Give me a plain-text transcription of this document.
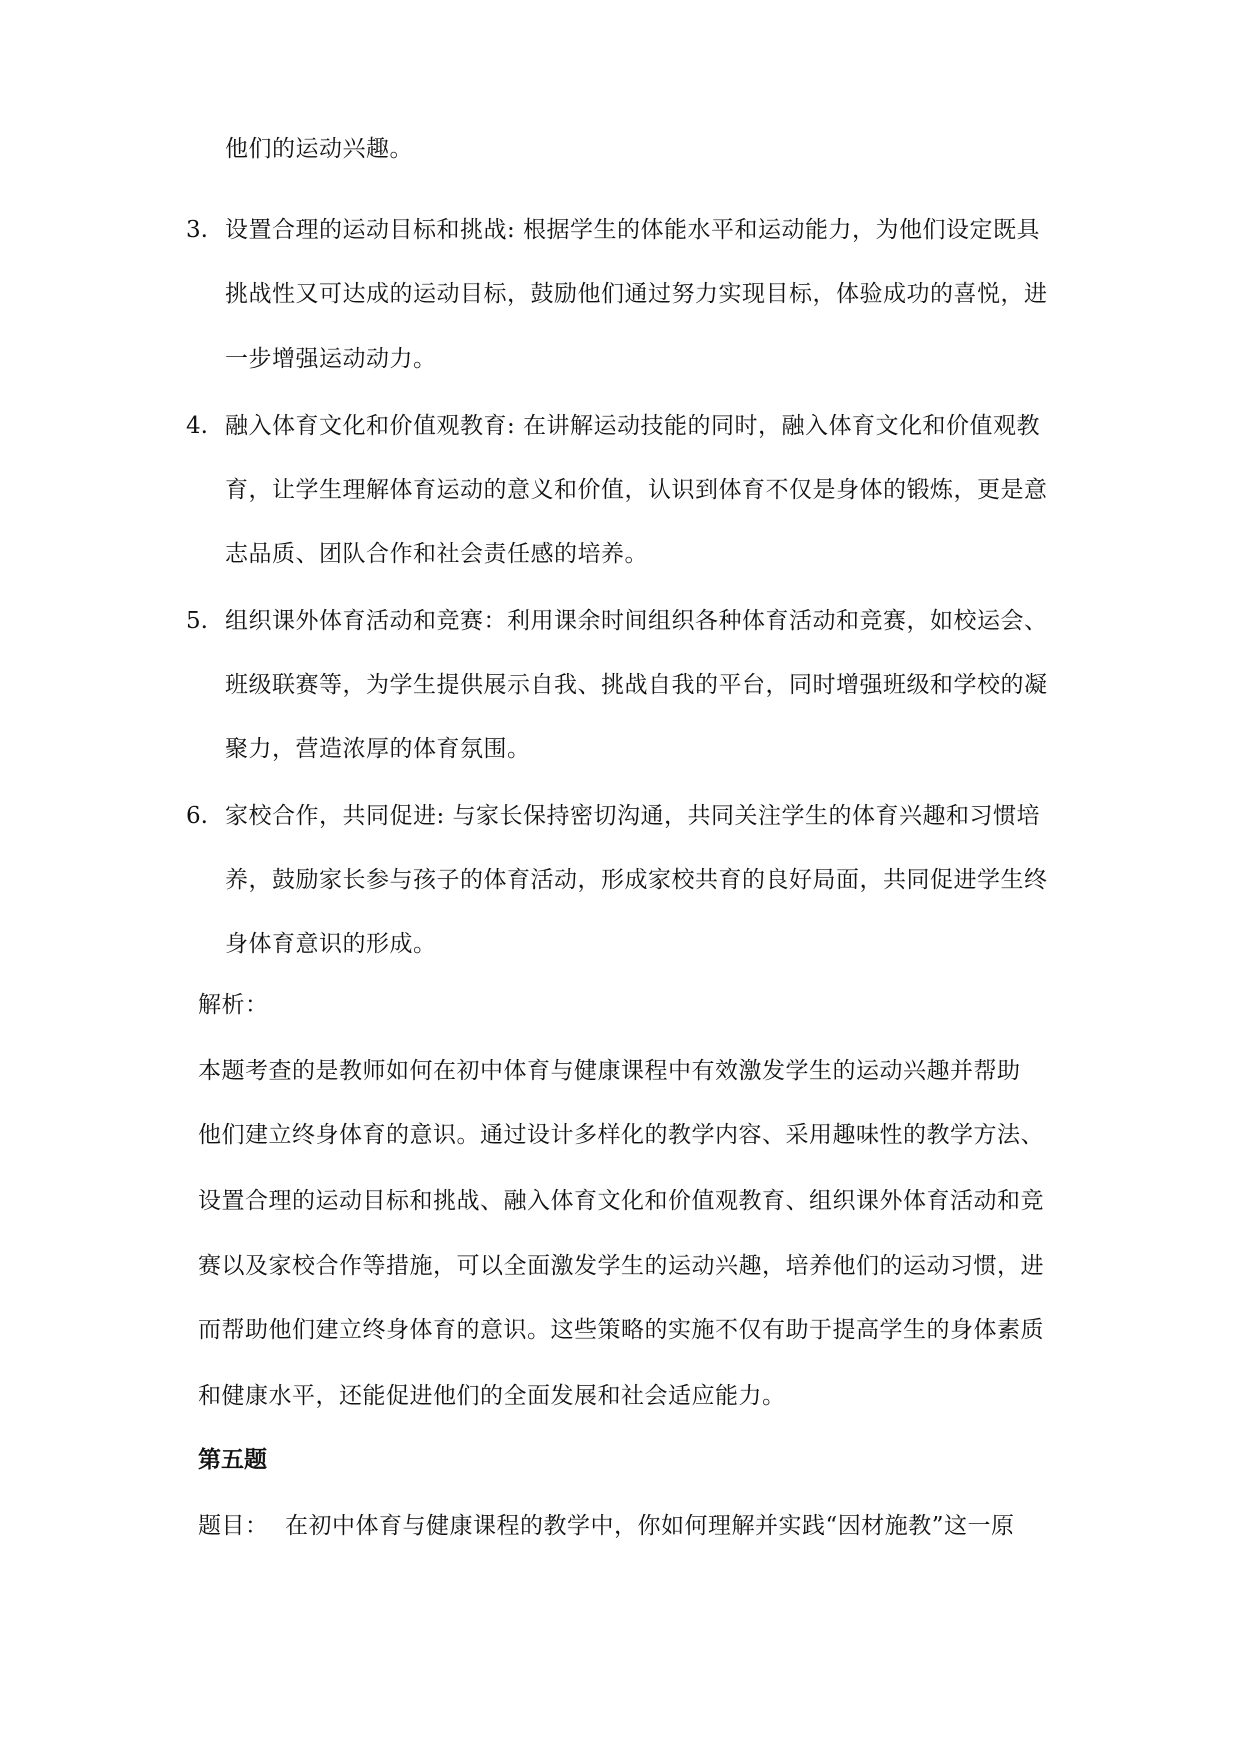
他们的运动兴趣。
3. 设置合理的运动目标和挑战: 根据学生的体能水平和运动能力，为他们设定既具
挑战性又可达成的运动目标，鼓励他们通过努力实现目标，体验成功的喜悦，进
一步增强运动动力。
4. 融入体育文化和价值观教育: 在讲解运动技能的同时，融入体育文化和价值观教
育，让学生理解体育运动的意义和价值，认识到体育不仅是身体的锻炼，更是意
志品质、团队合作和社会责任感的培养。
5. 组织课外体育活动和竞赛：利用课余时间组织各种体育活动和竞赛，如校运会、
班级联赛等，为学生提供展示自我、挑战自我的平台，同时增强班级和学校的凝
聚力，营造浓厚的体育氛围。
6. 家校合作，共同促进: 与家长保持密切沟通，共同关注学生的体育兴趣和习惯培
养，鼓励家长参与孩子的体育活动，形成家校共育的良好局面，共同促进学生终
身体育意识的形成。
解析：
本题考查的是教师如何在初中体育与健康课程中有效激发学生的运动兴趣并帮助
他们建立终身体育的意识。通过设计多样化的教学内容、采用趣味性的教学方法、
设置合理的运动目标和挑战、融入体育文化和价值观教育、组织课外体育活动和竞
赛以及家校合作等措施，可以全面激发学生的运动兴趣，培养他们的运动习惯，进
而帮助他们建立终身体育的意识。这些策略的实施不仅有助于提高学生的身体素质
和健康水平，还能促进他们的全面发展和社会适应能力。
第五题
题目： 在初中体育与健康课程的教学中，你如何理解并实践“因材施教”这一原
